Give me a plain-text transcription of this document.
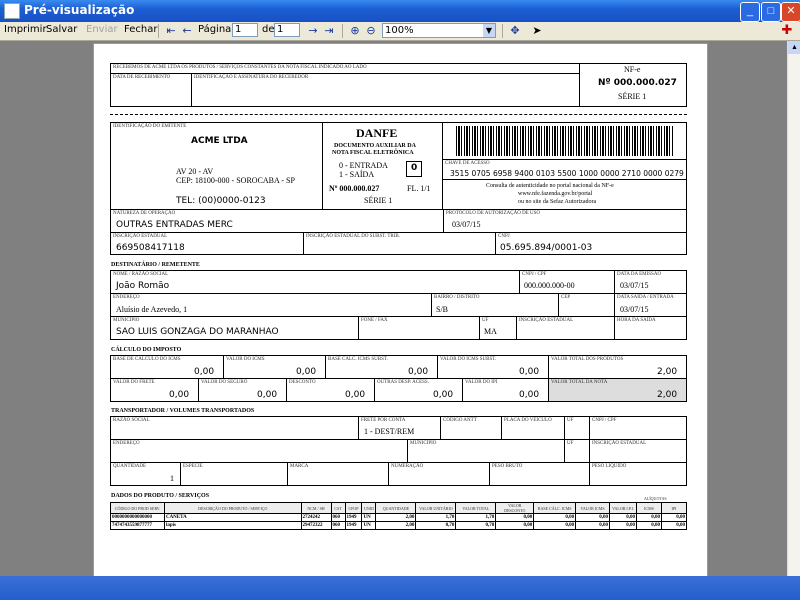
Pré-visualização	_	□	✕
Imprimir Salvar Enviar Fechar ⇤ ← Página 1	de 1	→ ⇥ ⊕ ⊖ 100%	▼ ✥ ➤	✚
RECEBEMOS DE ACME LTDA OS PRODUTOS / SERVIÇOS CONSTANTES DA NOTA FISCAL INDICADO AO LADO
DATA DE RECEBIMENTO	IDENTIFICAÇÃO E ASSINATURA DO RECEBEDOR
NF-e
Nº 000.000.027
SÉRIE 1
IDENTIFICAÇÃO DO EMITENTE
ACME LTDA
AV 20 - AV
CEP: 18100-000 - SOROCABA - SP
TEL: (00)0000-0123
DANFE
DOCUMENTO AUXILIAR DA
NOTA FISCAL ELETRÔNICA
0 - ENTRADA
1 - SAÍDA
0
Nº 000.000.027	FL. 1/1
SÉRIE 1
CHAVE DE ACESSO
3515 0705 6958 9400 0103 5500 1000 0000 2710 0000 0279
Consulta de autenticidade no portal nacional da NF-e
www.nfe.fazenda.gov.br/portal
ou no site da Sefaz Autorizadora
NATUREZA DE OPERAÇÃO
OUTRAS ENTRADAS MERC
PROTOCOLO DE AUTORIZAÇÃO DE USO
03/07/15
INSCRIÇÃO ESTADUAL
669508417118
INSCRIÇÃO ESTADUAL DO SUBST. TRIB.	CNPJ
05.695.894/0001-03
DESTINATÁRIO / REMETENTE
NOME / RAZÃO SOCIAL
João Romão
CNPJ / CPF
000.000.000-00
DATA DA EMISSÃO
03/07/15
ENDEREÇO
Aluísio de Azevedo, 1
BAIRRO / DISTRITO
S/B
CEP	DATA SAÍDA / ENTRADA
03/07/15
MUNICÍPIO
SAO LUIS GONZAGA DO MARANHAO
FONE / FAX	UF
MA
INSCRIÇÃO ESTADUAL	HORA DA SAÍDA
CÁLCULO DO IMPOSTO
TRANSPORTADOR / VOLUMES TRANSPORTADOS
RAZÃO SOCIAL	FRETE POR CONTA
1 - DEST/REM
CÓDIGO ANTT	PLACA DO VEÍCULO	UF	CNPJ / CPF
ENDEREÇO	MUNICÍPIO	UF	INSCRIÇÃO ESTADUAL
QUANTIDADE
1
ESPÉCIE	MARCA	NUMERAÇÃO	PESO BRUTO	PESO LÍQUIDO
DADOS DO PRODUTO / SERVIÇOS
CÓDIGO DO PROD SERV.	DESCRIÇÃO DO PRODUTO / SERVIÇO	NCM / SH	CST	CFOP	UNID	QUANTIDADE	VALOR UNITÁRIO	VALOR TOTAL	VALOR DESCONTO	BASE CÁLC. ICMS	VALOR ICMS	VALOR I.P.I.	ICMS	IPI
0000000000000000	CANETA	2724242	060	1949	UN	2,00	1,70	1,70	0,00	0,00	0,00	0,00	0,00	0,00
7474743559877777	lapis	29472322	060	1949	UN	2,00	0,70	0,70	0,00	0,00	0,00	0,00	0,00	0,00
BASE DE CÁLCULO DO ICMS
0,00
VALOR DO ICMS
0,00
BASE CÁLC. ICMS SUBST.
0,00
VALOR DO ICMS SUBST.
0,00
VALOR TOTAL DOS PRODUTOS
2,00
VALOR DO FRETE
0,00
VALOR DO SEGURO
0,00
DESCONTO
0,00
OUTRAS DESP. ACESS.
0,00
VALOR DO IPI
0,00
VALOR TOTAL DA NOTA
2,00
ALÍQUOTAS
▲
